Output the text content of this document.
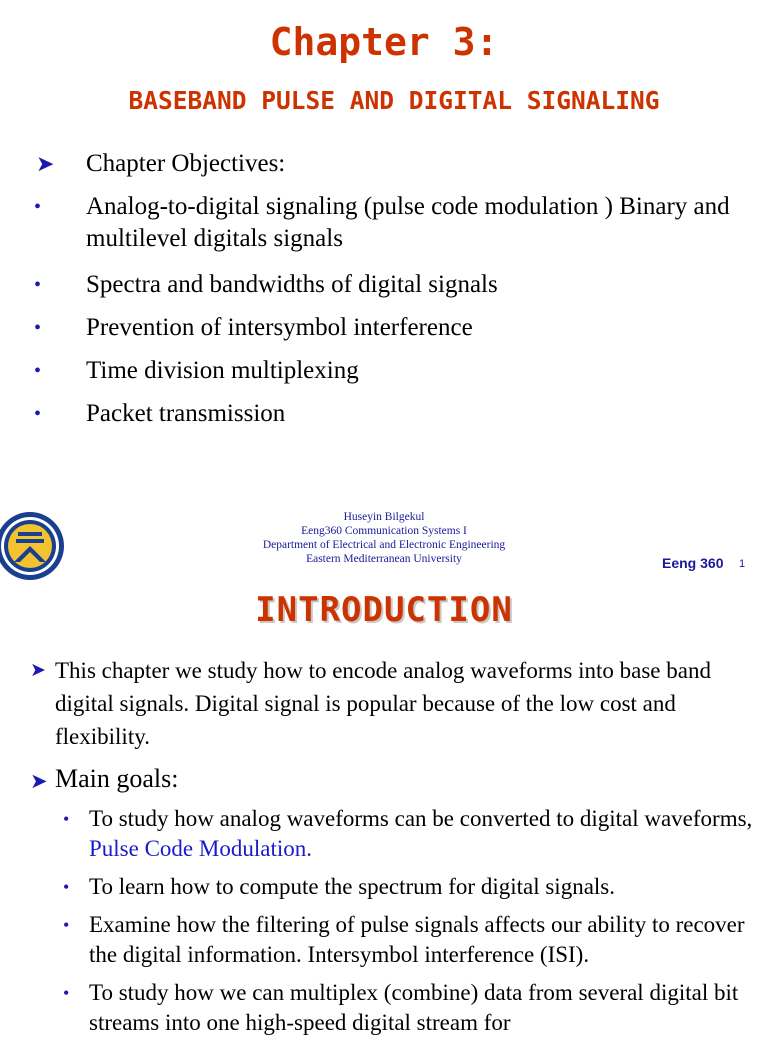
Chapter 3:
BASEBAND PULSE AND DIGITAL SIGNALING
➤ Chapter Objectives:
• Analog-to-digital signaling (pulse code modulation ) Binary and multilevel digitals signals
• Spectra and bandwidths of digital signals
• Prevention of intersymbol interference
• Time division multiplexing
• Packet transmission
Huseyin Bilgekul
Eeng360 Communication Systems I
Department of Electrical and Electronic Engineering
Eastern Mediterranean University	Eeng 360 1
INTRODUCTION
➤ This chapter we study how to encode analog waveforms into base band digital signals. Digital signal is popular because of the low cost and flexibility.
➤ Main goals:
• To study how analog waveforms can be converted to digital waveforms, Pulse Code Modulation.
• To learn how to compute the spectrum for digital signals.
• Examine how the filtering of pulse signals affects our ability to recover the digital information. Intersymbol interference (ISI).
• To study how we can multiplex (combine) data from several digital bit streams into one high-speed digital stream for
